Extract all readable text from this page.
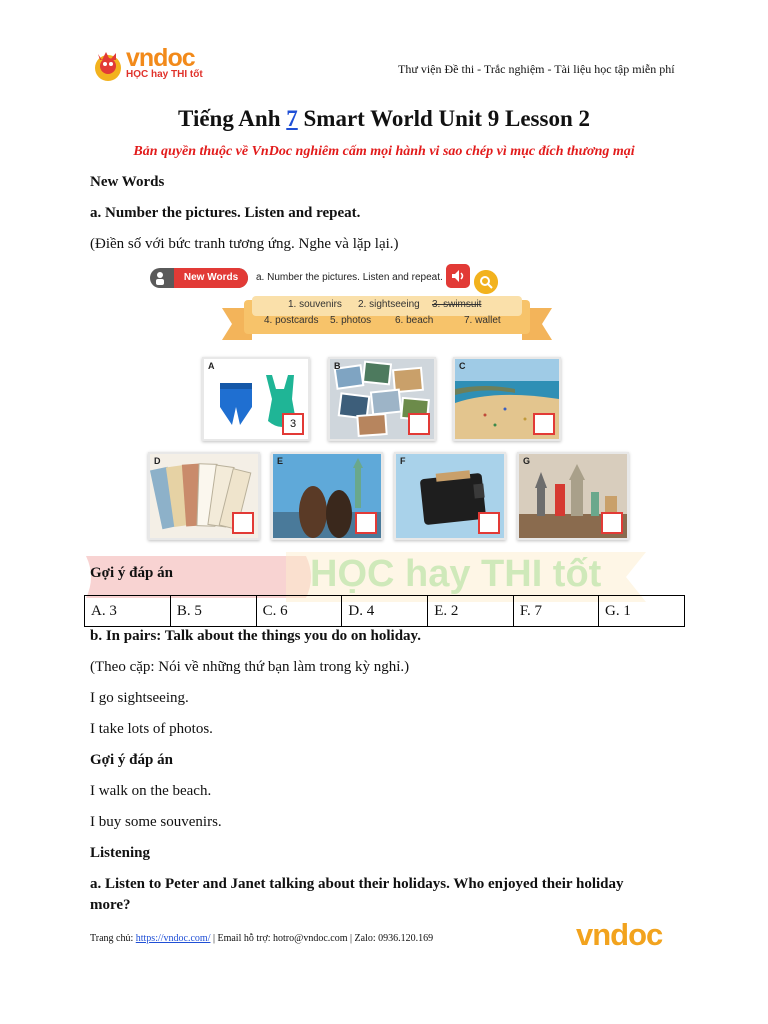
vndoc
HỌC hay THI tốt	Thư viện Đề thi - Trắc nghiệm - Tài liệu học tập miễn phí
Tiếng Anh 7 Smart World Unit 9 Lesson 2
Bản quyền thuộc về VnDoc nghiêm cấm mọi hành vi sao chép vì mục đích thương mại
New Words
a. Number the pictures. Listen and repeat.
(Điền số với bức tranh tương ứng. Nghe và lặp lại.)
New Words	a. Number the pictures. Listen and repeat.
1. souvenirs 2. sightseeing 3. swimsuit
4. postcards 5. photos 6. beach	7. wallet
A
3
B	C
D	E	F	G
HỌC hay THI tốt
Gợi ý đáp án
A. 3	B. 5	C. 6	D. 4	E. 2	F. 7	G. 1
b. In pairs: Talk about the things you do on holiday.
(Theo cặp: Nói về những thứ bạn làm trong kỳ nghỉ.)
I go sightseeing.
I take lots of photos.
Gợi ý đáp án
I walk on the beach.
I buy some souvenirs.
Listening
a. Listen to Peter and Janet talking about their holidays. Who enjoyed their holiday
more?
Trang chủ: https://vndoc.com/ | Email hỗ trợ: hotro@vndoc.com | Zalo: 0936.120.169	vndoc
